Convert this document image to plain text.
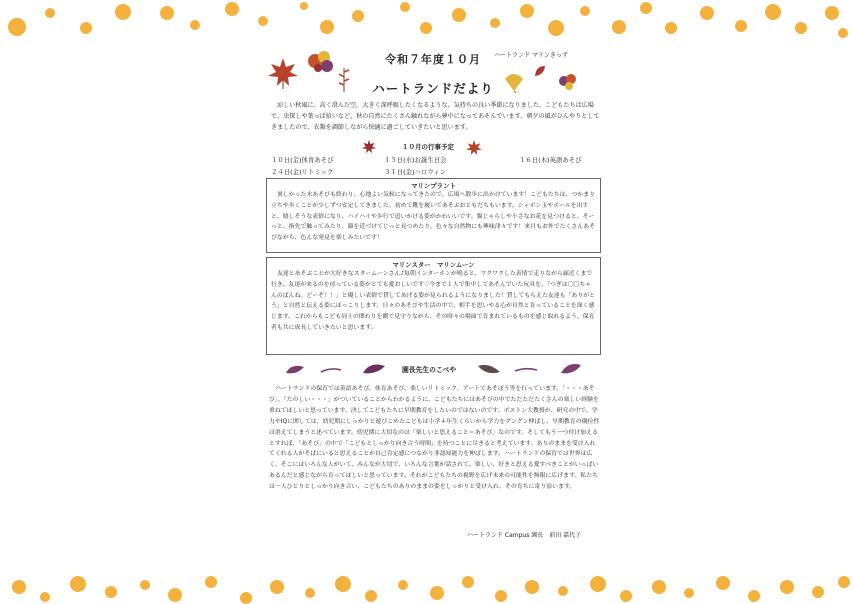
令和７年度１０月
ハートランドだより
ハートランド マリンきっず
涼しい秋風に、高く澄んだ空。大きく深呼吸したくなるような、気持ちの良い季節になりました。こどもたちは広場で、虫探しや葉っぱ拾いなど、秋の自然にたくさん触れながら夢中になってあそんでいます。朝夕の風がひんやりとしてきましたので、衣類を調節しながら快適に過ごしていきたいと思います。
１０月の行事予定
１０日(金)体育あそび	１５日(水)お誕生日会	１６日(木)英語あそび
２４日(金)リトミック	３１日(金)ハロウィン
マリンプラント
暑しかった水あそびも終わり、心地よい気候になってきたので、広場へ散歩に出かけています！こどもたちは、つかまり立ちや歩くことが少しずつ安定してきました。初めて靴を履いてあそぶおともだちもいます。シャボン玉やボールを出すと、嬉しそうな表情になり、ハイハイや歩行で追いかける姿がかわいいです。猫じゃらしや小さなお花を見つけると、そーっと、指先で触ってみたり、顔を近づけてじっと見つめたり、色々な自然物にも興味津々です！来月もお外でたくさんあそびながら、色んな発見を楽しみたいです！
マリンスター　マリンムーン
友達とあそぶことが大好きなスタームーンさん♪毎朝インターホンが鳴ると、ワクワクした表情で走りながら廊近くまで行き、友達が来るのを待っている姿がとても愛おしいです♡今まで１人で集中してあそんでいた玩具を、「つぎは〇〇ちゃんのばんね。どーぞ！！」と優しい表情で貸してあげる姿が見られるようになりました！貸してもらえた友達も「ありがとう」と自然と伝える姿にほっこりします。日々のあそびや生活の中で、相手を思いやる心が自然と育っていることを深く感じます。これからもこども同士の関わりを側で見守りながら、その時々の場面で育まれているものを感じ取れるよう、保育者も共に成長していきたいと思います。
園長先生のこべや
ハートランドの保育では英語あそび、体育あそび、楽しいリトミック、アートであそぼう等を行っています。「・・・あそび」、「たのしい・・・」がついていることからわかるように、こどもたちにはあそびの中でただただたくさんの楽しい経験を重ねてほしいと思っています。決してこどもたちに早期教育をしたいのではないのです。ボストン大教授が、研究の中で、学力やIQに関しては、幼児期にしっかりと遊びこめたこどもは小学４年生くらいから学力をグングン伸ばし、早期教育の優位性は消えてしまうと述べています。幼児期に大切なのは「楽しいと思えること＝あそび」なのです。そしてもう一つ付け加えるとすれば、「あそび」の中で「こどもとしっかり向き合う時間」を持つことに尽きると考えています。ありのままを受け入れてくれる人がそばにいると思えることが自己肯定感につながり非認知能力を伸ばします。ハートランドの保育では世界は広く、そこにはいろんな人がいて、みんなが大切で、いろんな言葉が話されて、楽しい、好きと思える愛すべきことがいっぱいあるんだと感じながら育ってほしいと思っています。それがこどもたちの視野を広げ未来の可能性を無限に広げます。私たちは一人ひとりとしっかり向き合い、こどもたちのありのままの姿をしっかりと受け入れ、その育ちに寄り添います。
ハートランド Campus 園長　前田 嘉代子
